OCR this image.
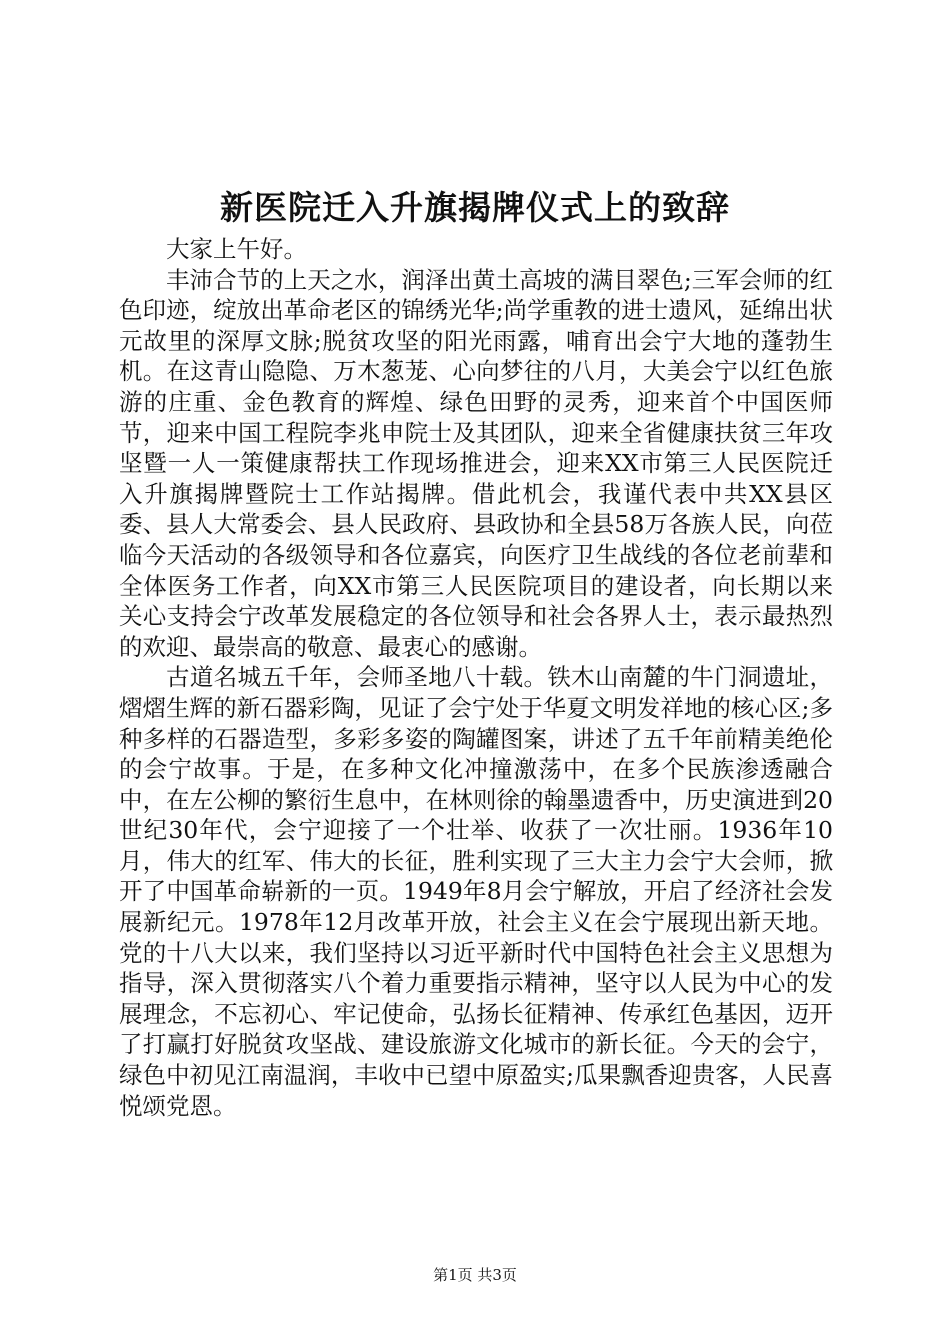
新医院迁入升旗揭牌仪式上的致辞

大家上午好。

丰沛合节的上天之水，润泽出黄土高坡的满目翠色;三军会师的红色印迹，绽放出革命老区的锦绣光华;尚学重教的进士遗风，延绵出状元故里的深厚文脉;脱贫攻坚的阳光雨露，哺育出会宁大地的蓬勃生机。在这青山隐隐、万木葱茏、心向梦往的八月，大美会宁以红色旅游的庄重、金色教育的辉煌、绿色田野的灵秀，迎来首个中国医师节，迎来中国工程院李兆申院士及其团队，迎来全省健康扶贫三年攻坚暨一人一策健康帮扶工作现场推进会，迎来XX市第三人民医院迁入升旗揭牌暨院士工作站揭牌。借此机会，我谨代表中共XX县区委、县人大常委会、县人民政府、县政协和全县58万各族人民，向莅临今天活动的各级领导和各位嘉宾，向医疗卫生战线的各位老前辈和全体医务工作者，向XX市第三人民医院项目的建设者，向长期以来关心支持会宁改革发展稳定的各位领导和社会各界人士，表示最热烈的欢迎、最崇高的敬意、最衷心的感谢。

古道名城五千年，会师圣地八十载。铁木山南麓的牛门洞遗址，熠熠生辉的新石器彩陶，见证了会宁处于华夏文明发祥地的核心区;多种多样的石器造型，多彩多姿的陶罐图案，讲述了五千年前精美绝伦的会宁故事。于是，在多种文化冲撞激荡中，在多个民族渗透融合中，在左公柳的繁衍生息中，在林则徐的翰墨遗香中，历史演进到20世纪30年代，会宁迎接了一个壮举、收获了一次壮丽。1936年10月，伟大的红军、伟大的长征，胜利实现了三大主力会宁大会师，掀开了中国革命崭新的一页。1949年8月会宁解放，开启了经济社会发展新纪元。1978年12月改革开放，社会主义在会宁展现出新天地。党的十八大以来，我们坚持以习近平新时代中国特色社会主义思想为指导，深入贯彻落实八个着力重要指示精神，坚守以人民为中心的发展理念，不忘初心、牢记使命，弘扬长征精神、传承红色基因，迈开了打赢打好脱贫攻坚战、建设旅游文化城市的新长征。今天的会宁，绿色中初见江南温润，丰收中已望中原盈实;瓜果飘香迎贵客，人民喜悦颂党恩。

第1页 共3页
